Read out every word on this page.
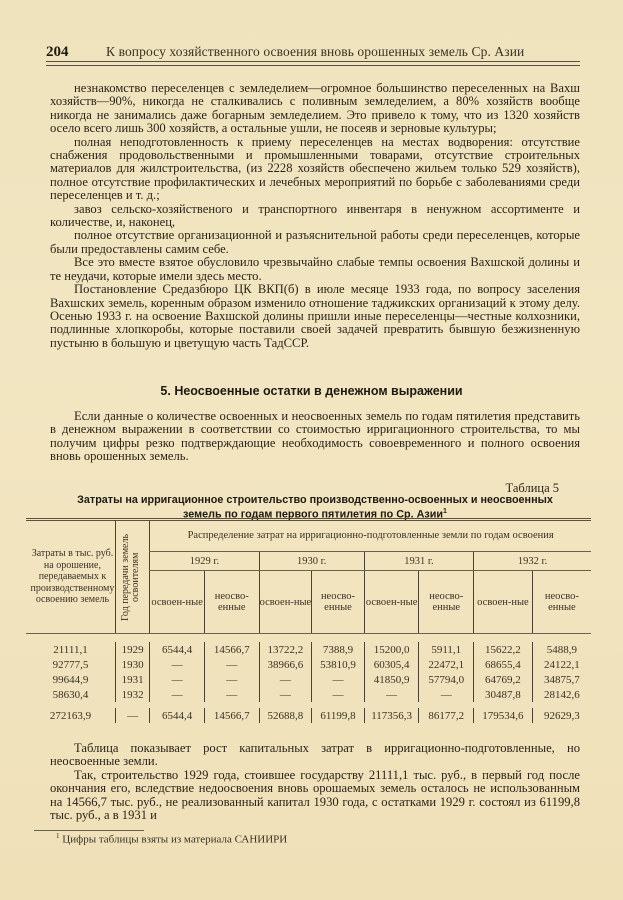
204	К вопросу хозяйственного освоения вновь орошенных земель Ср. Азии

незнакомство переселенцев с земледелием—огромное большинство переселенных на Вахш хозяйств—90%, никогда не сталкивались с поливным земледелием, а 80% хозяйств вообще никогда не занимались даже богарным земледелием. Это привело к тому, что из 1320 хозяйств осело всего лишь 300 хозяйств, а остальные ушли, не посеяв и зерновые культуры;

полная неподготовленность к приему переселенцев на местах водворения: отсутствие снабжения продовольственными и промышленными товарами, отсутствие строительных материалов для жилстроительства, (из 2228 хозяйств обеспечено жильем только 529 хозяйств), полное отсутствие профилактических и лечебных мероприятий по борьбе с заболеваниями среди переселенцев и т. д.;

завоз сельско-хозяйственого и транспортного инвентаря в ненужном ассортименте и количестве, и, наконец,

полное отсутствие организационной и разъяснительной работы среди переселенцев, которые были предоставлены самим себе.

Все это вместе взятое обусловило чрезвычайно слабые темпы освоения Вахшской долины и те неудачи, которые имели здесь место.

Постановление Средазбюро ЦК ВКП(б) в июле месяце 1933 года, по вопросу заселения Вахшских земель, коренным образом изменило отношение таджикских организаций к этому делу. Осенью 1933 г. на освоение Вахшской долины пришли иные переселенцы—честные колхозники, подлинные хлопкоробы, которые поставили своей задачей превратить бывшую безжизненную пустыню в большую и цветущую часть ТадССР.

5. Неосвоенные остатки в денежном выражении

Если данные о количестве освоенных и неосвоенных земель по годам пятилетия представить в денежном выражении в соответствии со стоимостью ирригационного строительства, то мы получим цифры резко подтверждающие необходимость совоевременного и полного освоения вновь орошенных земель.

Таблица 5
Затраты на ирригационное строительство производственно-освоенных и неосвоенных
земель по годам первого пятилетия по Ср. Азии$^1$
Затраты в тыс. руб. на орошение, передаваемых к производственному освоению земель	Год передачи земель освоителям	Распределение затрат на ирригационно-подготовленные земли по годам освоения							
		1929 г.		1930 г.		1931 г.		1932 г.	
		освоен-ные	неосво-енные	освоен-ные	неосво-енные	освоен-ные	неосво-енные	освоен-ные	неосво-енные

21111,1	1929	6544,4	14566,7	13722,2	7388,9	15200,0	5911,1	15622,2	5488,9
92777,5	1930	—	—	38966,6	53810,9	60305,4	22472,1	68655,4	24122,1
99644,9	1931	—	—	—	—	41850,9	57794,0	64769,2	34875,7
58630,4	1932	—	—	—	—	—	—	30487,8	28142,6

272163,9	—	6544,4	14566,7	52688,8	61199,8	117356,3	86177,2	179534,6	92629,3

Таблица показывает рост капитальных затрат в ирригационно-подготовленные, но неосвоенные земли.

Так, строительство 1929 года, стоившее государству 21111,1 тыс. руб., в первый год после окончания его, вследствие недоосвоения вновь орошаемых земель осталось не использованным на 14566,7 тыс. руб., не реализованный капитал 1930 года, с остатками 1929 г. состоял из 61199,8 тыс. руб., а в 1931 и

$^1$ Цифры таблицы взяты из материала САНИИРИ
